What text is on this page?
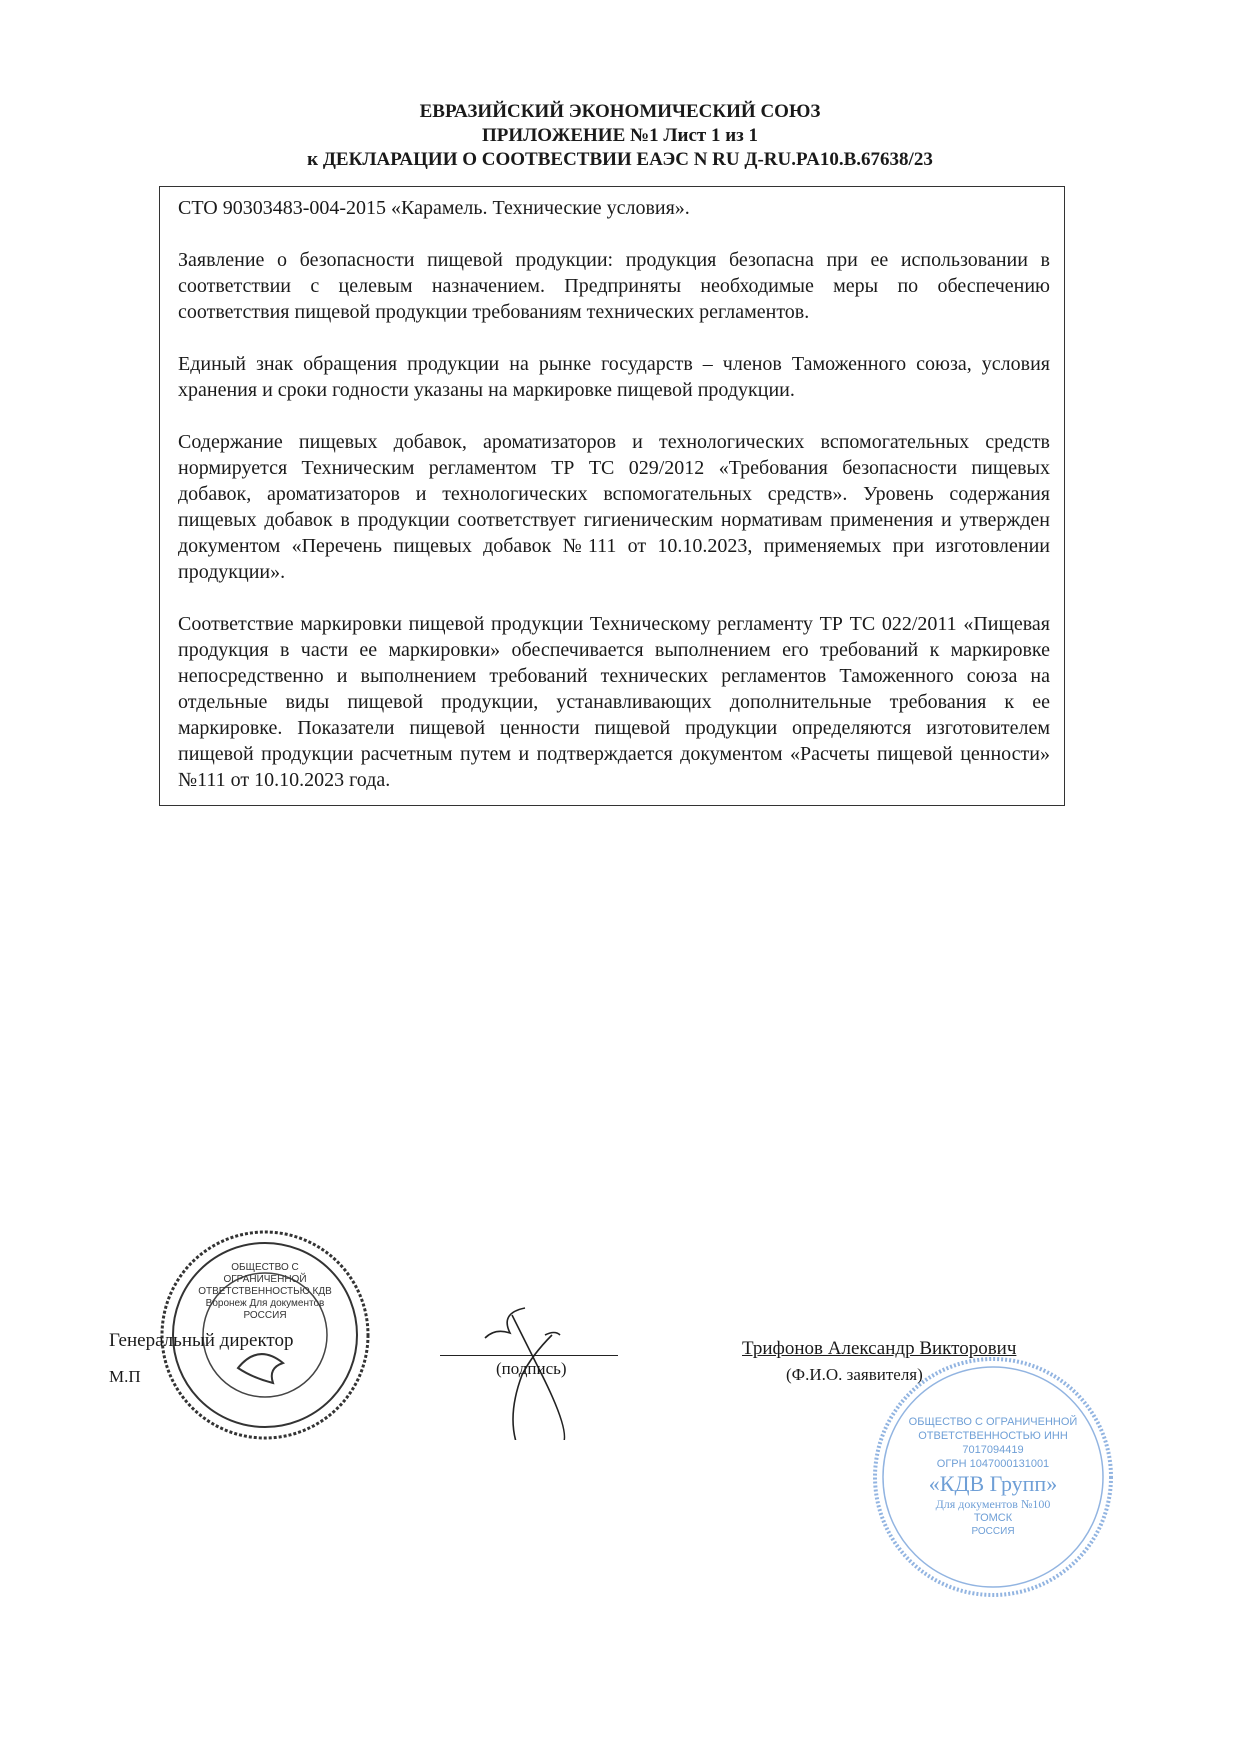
ЕВРАЗИЙСКИЙ ЭКОНОМИЧЕСКИЙ СОЮЗ
ПРИЛОЖЕНИЕ №1 Лист 1 из 1
к ДЕКЛАРАЦИИ О СООТВЕСТВИИ ЕАЭС N RU Д-RU.PA10.B.67638/23

СТО 90303483-004-2015 «Карамель. Технические условия».

Заявление о безопасности пищевой продукции: продукция безопасна при ее использовании в соответствии с целевым назначением. Предприняты необходимые меры по обеспечению соответствия пищевой продукции требованиям технических регламентов.

Единый знак обращения продукции на рынке государств – членов Таможенного союза, условия хранения и сроки годности указаны на маркировке пищевой продукции.

Содержание пищевых добавок, ароматизаторов и технологических вспомогательных средств нормируется Техническим регламентом ТР ТС 029/2012 «Требования безопасности пищевых добавок, ароматизаторов и технологических вспомогательных средств». Уровень содержания пищевых добавок в продукции соответствует гигиеническим нормативам применения и утвержден документом «Перечень пищевых добавок №111 от 10.10.2023, применяемых при изготовлении продукции».

Соответствие маркировки пищевой продукции Техническому регламенту ТР ТС 022/2011 «Пищевая продукция в части ее маркировки» обеспечивается выполнением его требований к маркировке непосредственно и выполнением требований технических регламентов Таможенного союза на отдельные виды пищевой продукции, устанавливающих дополнительные требования к ее маркировке. Показатели пищевой ценности пищевой продукции определяются изготовителем пищевой продукции расчетным путем и подтверждается документом «Расчеты пищевой ценности» №111 от 10.10.2023 года.

ОБЩЕСТВО С ОГРАНИЧЕННОЙ ОТВЕТСТВЕННОСТЬЮ КДВ Воронеж Для документов РОССИЯ
Генеральный директор
М.П	(подпись)
Трифонов Александр Викторович
(Ф.И.О. заявителя)
ОБЩЕСТВО С ОГРАНИЧЕННОЙ ОТВЕТСТВЕННОСТЬЮ ИНН 7017094419
ОГРН 1047000131001
«КДВ Групп»
Для документов №100
ТОМСК
РОССИЯ
